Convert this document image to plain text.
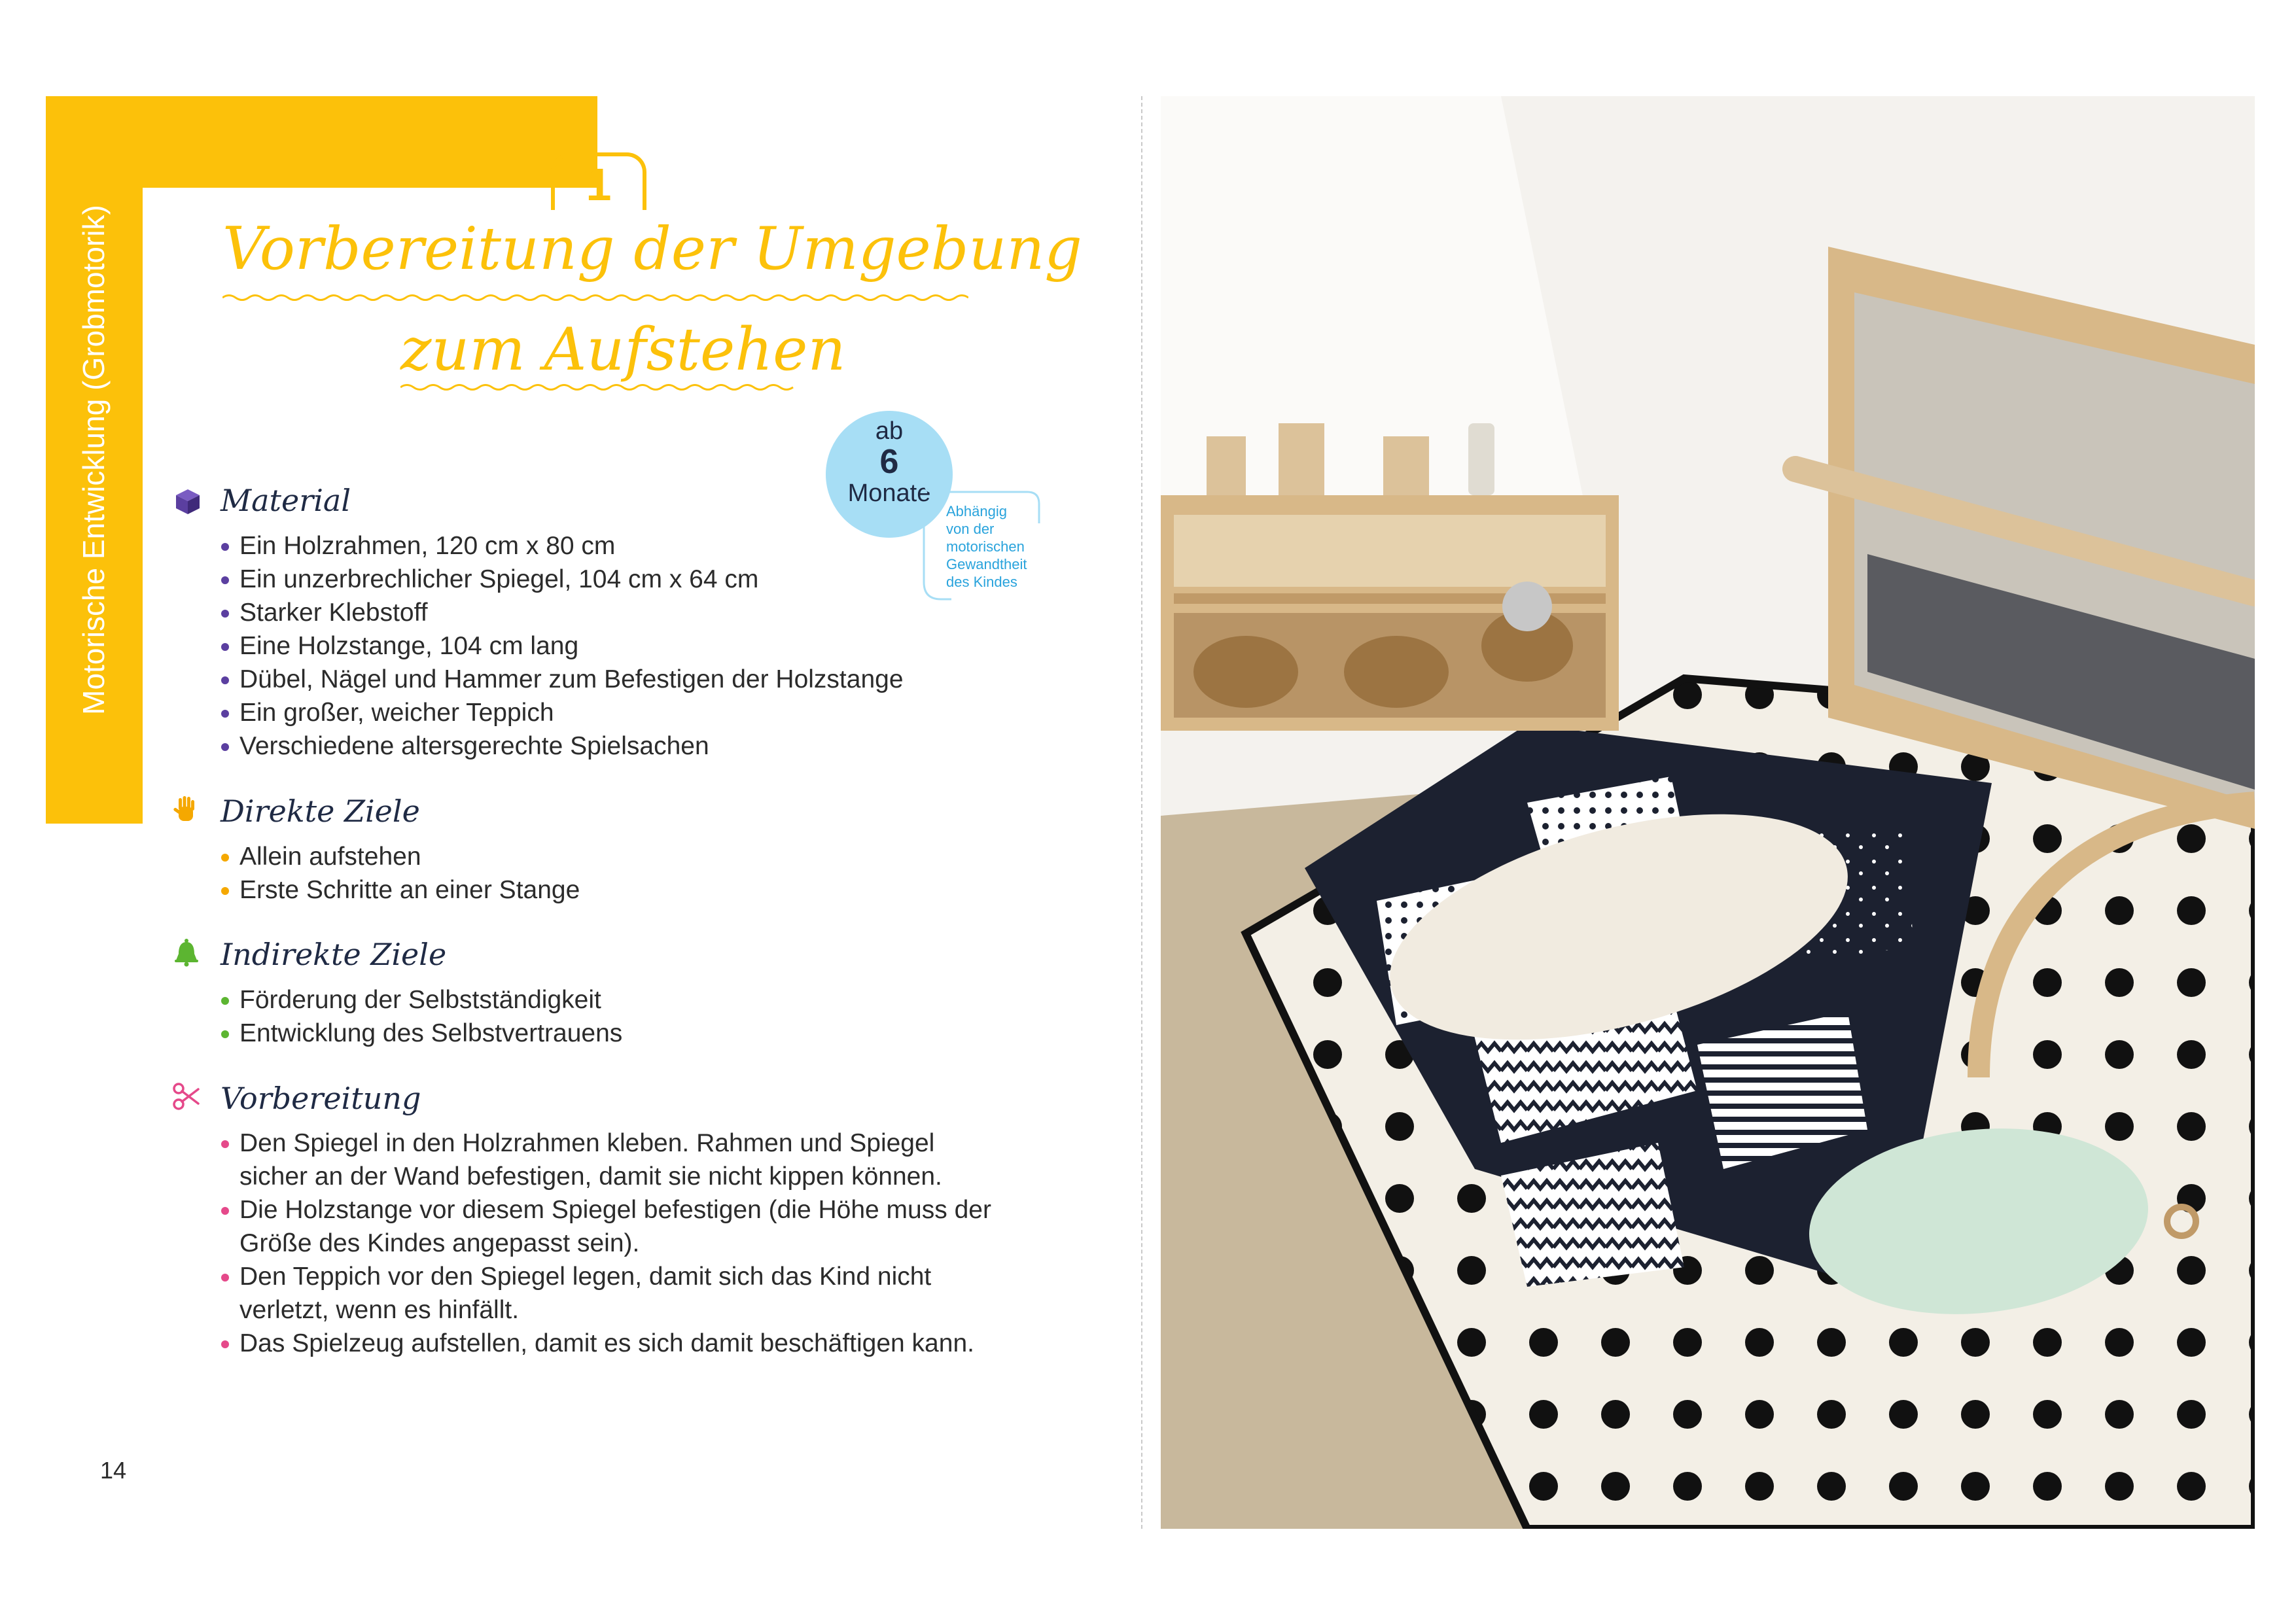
Motorische Entwicklung (Grobmotorik)
1
Vorbereitung der Umgebung
zum Aufstehen
ab
6
Monate
Abhängig
von der
motorischen
Gewandtheit
des Kindes
Material
Ein Holzrahmen, 120 cm x 80 cm
Ein unzerbrechlicher Spiegel, 104 cm x 64 cm
Starker Klebstoff
Eine Holzstange, 104 cm lang
Dübel, Nägel und Hammer zum Befestigen der Holzstange
Ein großer, weicher Teppich
Verschiedene altersgerechte Spielsachen
Direkte Ziele
Allein aufstehen
Erste Schritte an einer Stange
Indirekte Ziele
Förderung der Selbstständigkeit
Entwicklung des Selbstvertrauens
Vorbereitung
Den Spiegel in den Holzrahmen kleben. Rahmen und Spiegel
sicher an der Wand befestigen, damit sie nicht kippen können.
Die Holzstange vor diesem Spiegel befestigen (die Höhe muss der
Größe des Kindes angepasst sein).
Den Teppich vor den Spiegel legen, damit sich das Kind nicht
verletzt, wenn es hinfällt.
Das Spielzeug aufstellen, damit es sich damit beschäftigen kann.
14
